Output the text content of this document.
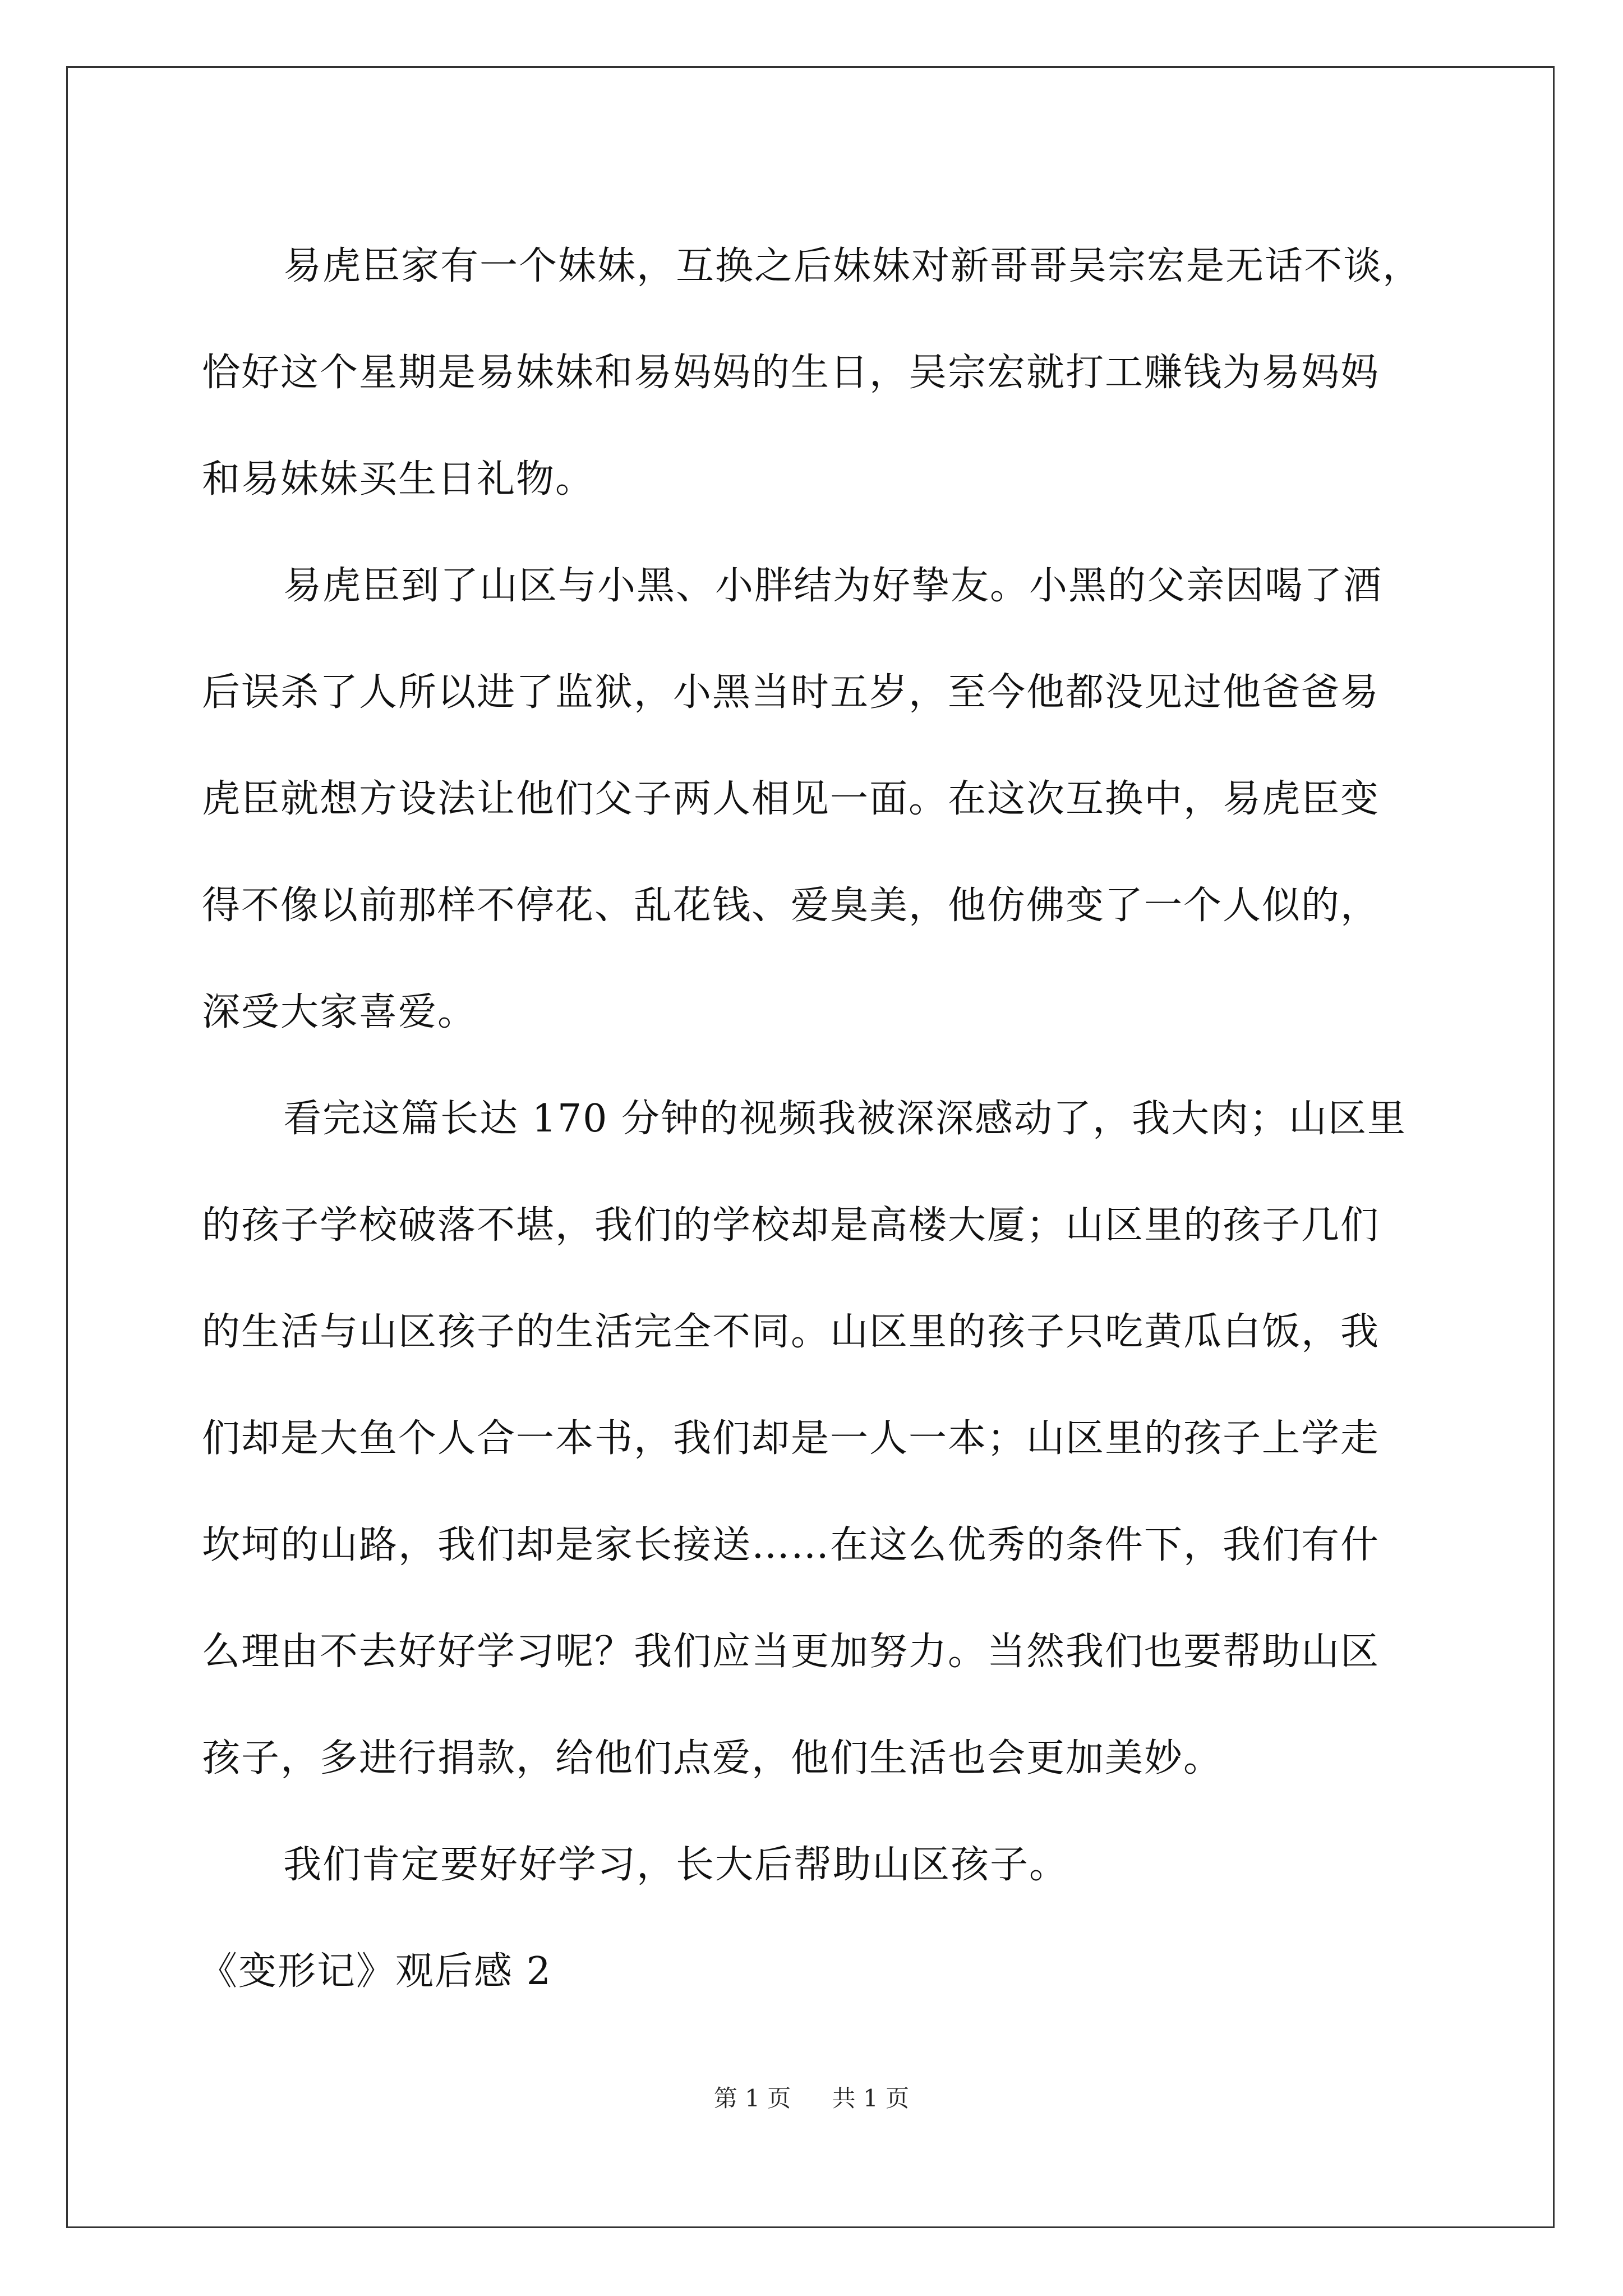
易虎臣家有一个妹妹，互换之后妹妹对新哥哥吴宗宏是无话不谈，
恰好这个星期是易妹妹和易妈妈的生日，吴宗宏就打工赚钱为易妈妈
和易妹妹买生日礼物。
易虎臣到了山区与小黑、小胖结为好挚友。小黑的父亲因喝了酒
后误杀了人所以进了监狱，小黑当时五岁，至今他都没见过他爸爸易
虎臣就想方设法让他们父子两人相见一面。在这次互换中，易虎臣变
得不像以前那样不停花、乱花钱、爱臭美，他仿佛变了一个人似的，
深受大家喜爱。
看完这篇长达 170 分钟的视频我被深深感动了，我大肉；山区里
的孩子学校破落不堪，我们的学校却是高楼大厦；山区里的孩子几们
的生活与山区孩子的生活完全不同。山区里的孩子只吃黄瓜白饭，我
们却是大鱼个人合一本书，我们却是一人一本；山区里的孩子上学走
坎坷的山路，我们却是家长接送……在这么优秀的条件下，我们有什
么理由不去好好学习呢？我们应当更加努力。当然我们也要帮助山区
孩子，多进行捐款，给他们点爱，他们生活也会更加美妙。
我们肯定要好好学习，长大后帮助山区孩子。
《变形记》观后感 2
第 1 页 共 1 页
